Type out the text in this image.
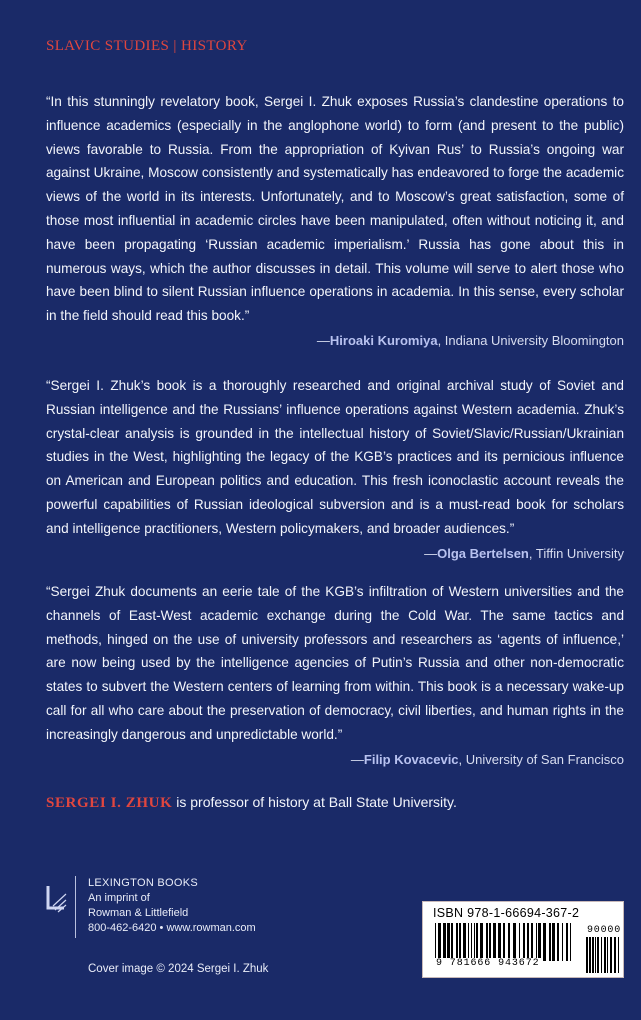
SLAVIC STUDIES | HISTORY

“In this stunningly revelatory book, Sergei I. Zhuk exposes Russia’s clandestine operations to influence academics (especially in the anglophone world) to form (and present to the public) views favorable to Russia. From the appropriation of Kyivan Rus’ to Russia’s ongoing war against Ukraine, Moscow consistently and systematically has endeavored to forge the academic views of the world in its interests. Unfortunately, and to Moscow’s great satisfaction, some of those most influential in academic circles have been manipulated, often without noticing it, and have been propagating ‘Russian academic imperialism.’ Russia has gone about this in numerous ways, which the author discusses in detail. This volume will serve to alert those who have been blind to silent Russian influence operations in academia. In this sense, every scholar in the field should read this book.”

—Hiroaki Kuromiya, Indiana University Bloomington

“Sergei I. Zhuk’s book is a thoroughly researched and original archival study of Soviet and Russian intelligence and the Russians’ influence operations against Western academia. Zhuk’s crystal-clear analysis is grounded in the intellectual history of Soviet/Slavic/Russian/Ukrainian studies in the West, highlighting the legacy of the KGB’s practices and its pernicious influence on American and European politics and education. This fresh iconoclastic account reveals the powerful capabilities of Russian ideological subversion and is a must-read book for scholars and intelligence practitioners, Western policymakers, and broader audiences.”

—Olga Bertelsen, Tiffin University

“Sergei Zhuk documents an eerie tale of the KGB’s infiltration of Western universities and the channels of East-West academic exchange during the Cold War. The same tactics and methods, hinged on the use of university professors and researchers as ‘agents of influence,’ are now being used by the intelligence agencies of Putin’s Russia and other non-democratic states to subvert the Western centers of learning from within. This book is a necessary wake-up call for all who care about the preservation of democracy, civil liberties, and human rights in the increasingly dangerous and unpredictable world.”

—Filip Kovacevic, University of San Francisco
SERGEI I. ZHUK is professor of history at Ball State University.
LEXINGTON BOOKS
An imprint of
Rowman & Littlefield
800-462-6420 • www.rowman.com
Cover image © 2024 Sergei I. Zhuk
ISBN 978-1-66694-367-2
9 781666 943672
90000
